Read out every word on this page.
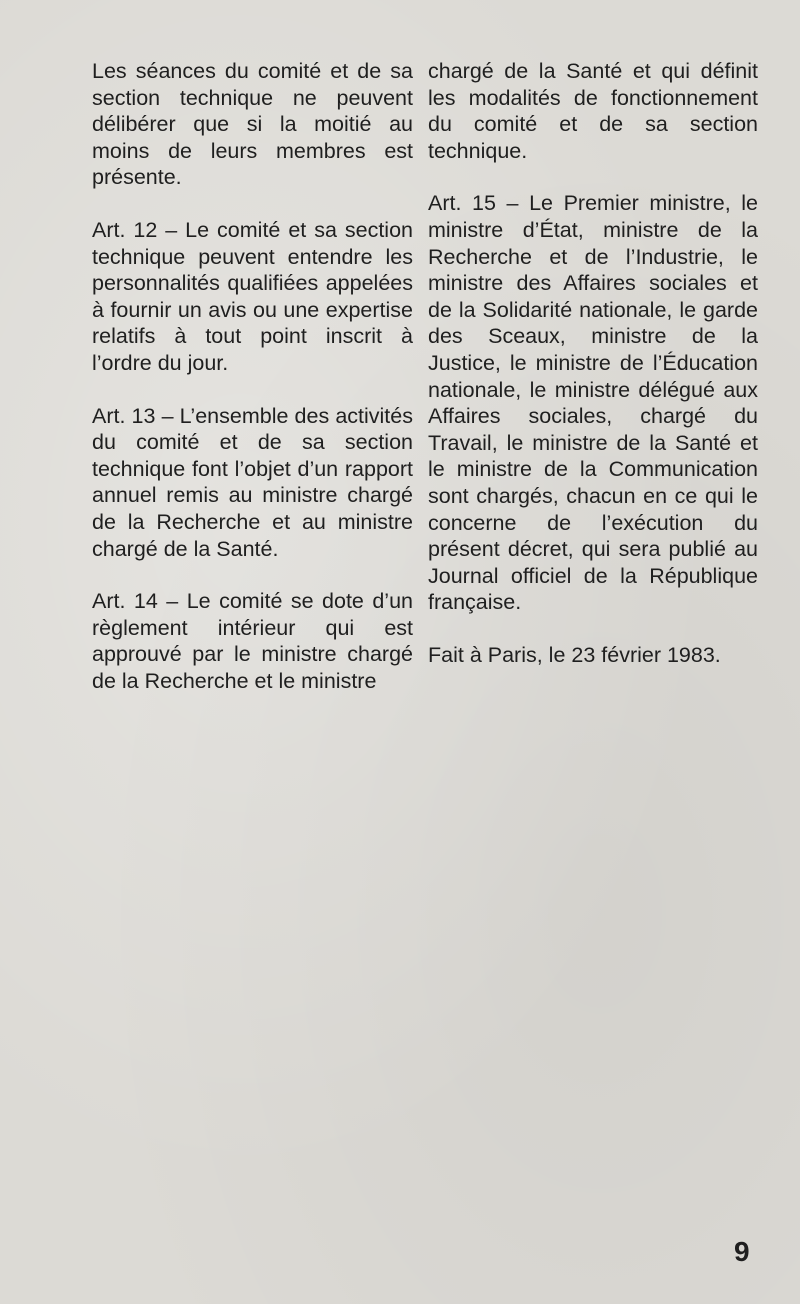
Les séances du comité et de sa section technique ne peuvent délibérer que si la moitié au moins de leurs membres est présente.

Art. 12 – Le comité et sa section technique peuvent entendre les personnalités qualifiées appelées à fournir un avis ou une expertise relatifs à tout point inscrit à l’ordre du jour.

Art. 13 – L’ensemble des activités du comité et de sa section technique font l’objet d’un rapport annuel remis au ministre chargé de la Recherche et au ministre chargé de la Santé.

Art. 14 – Le comité se dote d’un règlement intérieur qui est approuvé par le ministre chargé de la Recherche et le ministre

chargé de la Santé et qui définit les modalités de fonctionnement du comité et de sa section technique.

Art. 15 – Le Premier ministre, le ministre d’État, ministre de la Recherche et de l’Industrie, le ministre des Affaires sociales et de la Solidarité nationale, le garde des Sceaux, ministre de la Justice, le ministre de l’Éducation nationale, le ministre délégué aux Affaires sociales, chargé du Travail, le ministre de la Santé et le ministre de la Communication sont chargés, chacun en ce qui le concerne de l’exécution du présent décret, qui sera publié au Journal officiel de la République française.

Fait à Paris, le 23 février 1983.

9
